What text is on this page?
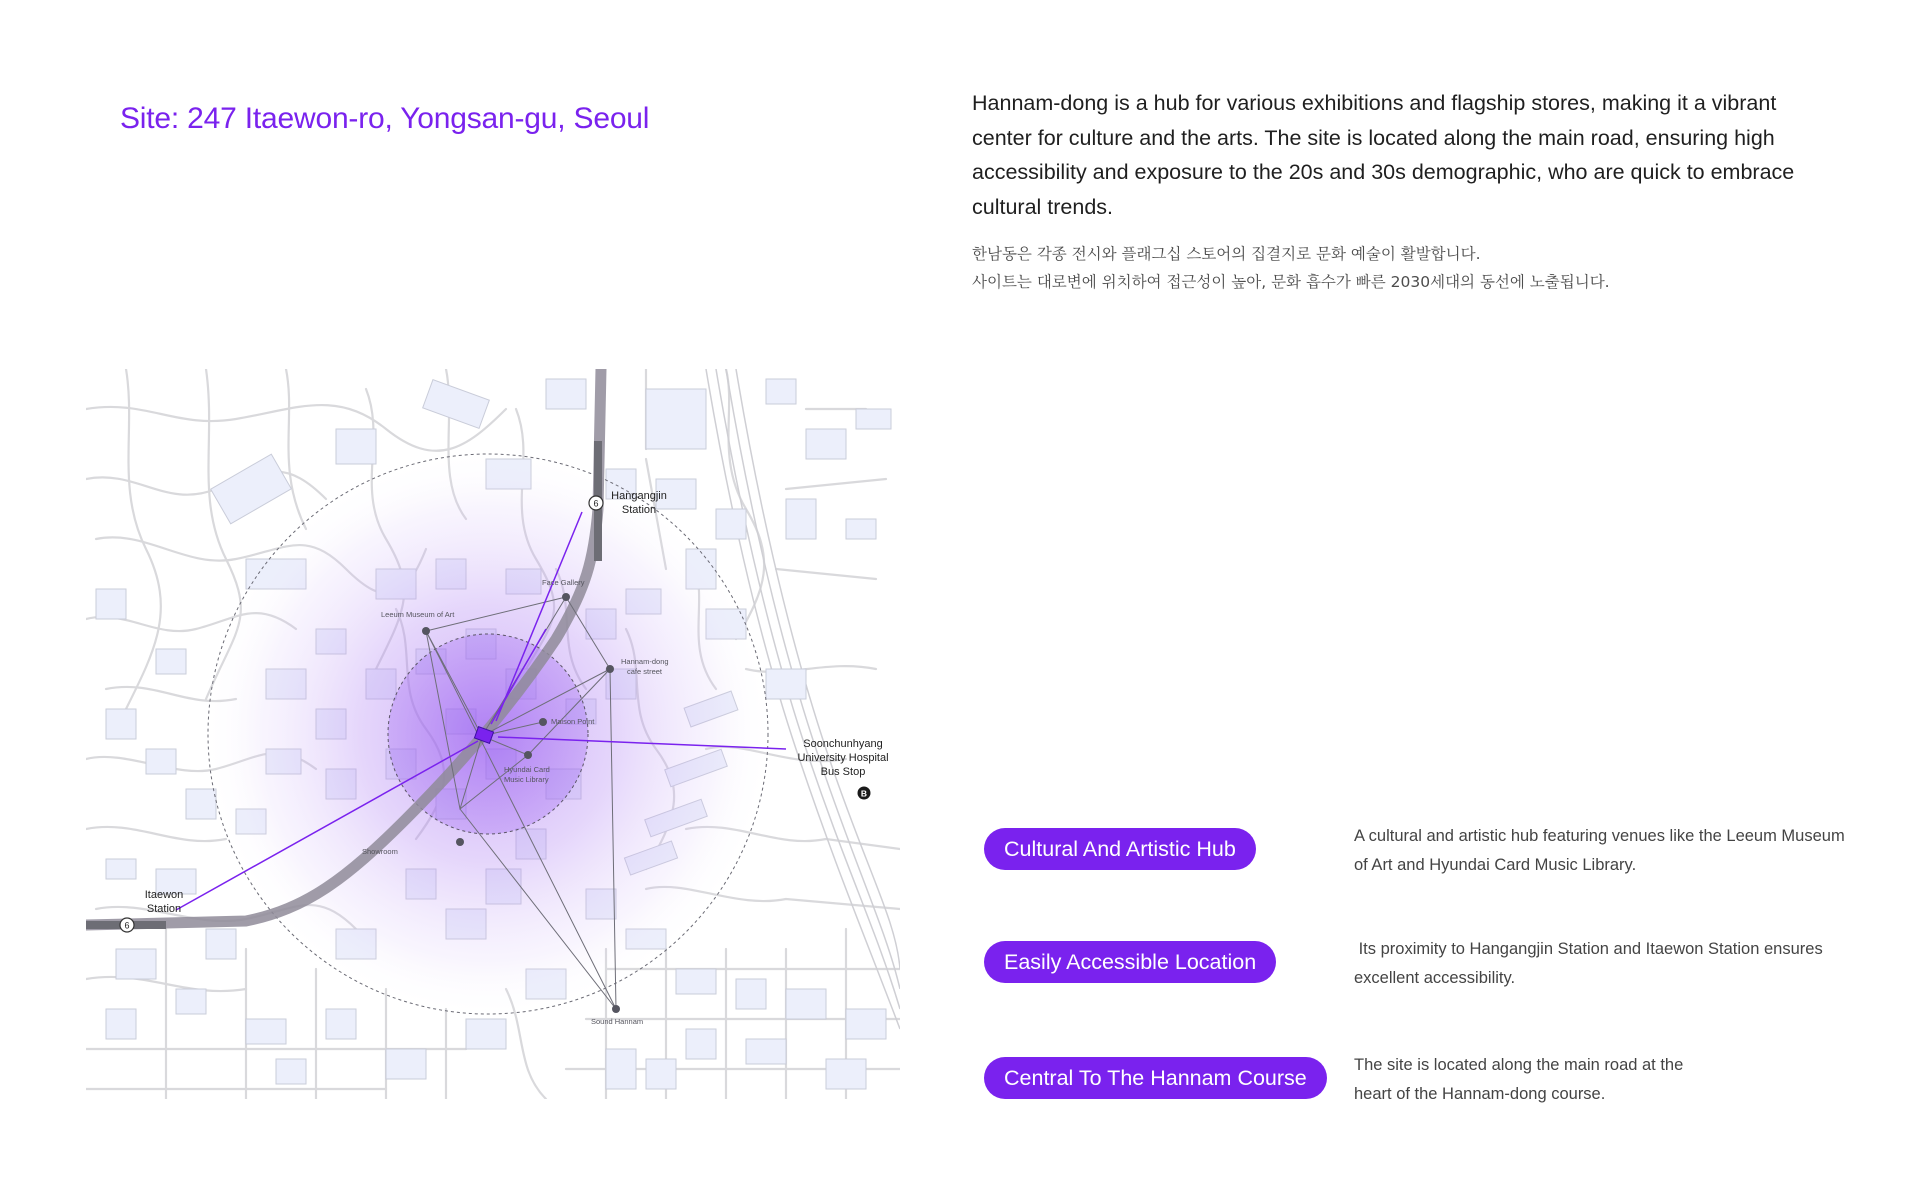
Site: 247 Itaewon-ro, Yongsan-gu, Seoul	Hannam-dong is a hub for various exhibitions and flagship stores, making it a vibrant center for culture and the arts. The site is located along the main road, ensuring high accessibility and exposure to the 20s and 30s demographic, who are quick to embrace cultural trends.

한남동은 각종 전시와 플래그십 스토어의 집결지로 문화 예술이 활발합니다.
사이트는 대로변에 위치하여 접근성이 높아, 문화 흡수가 빠른 2030세대의 동선에 노출됩니다.
Leeum Museum of Art
Face Gallery
Hannam-dong
cafe street
Maison Point
Hyundai Card
Music Library
Showroom
Sound Hannam
6
Hangangjin
Station
6
Itaewon
Station
Soonchunhyang
University Hospital
Bus Stop
B
Cultural And Artistic Hub
A cultural and artistic hub featuring venues like the Leeum Museum of Art and Hyundai Card Music Library.
Easily Accessible Location
Its proximity to Hangangjin Station and Itaewon Station ensures excellent accessibility.
Central To The Hannam Course
The site is located along the main road at the heart of the Hannam-dong course.
